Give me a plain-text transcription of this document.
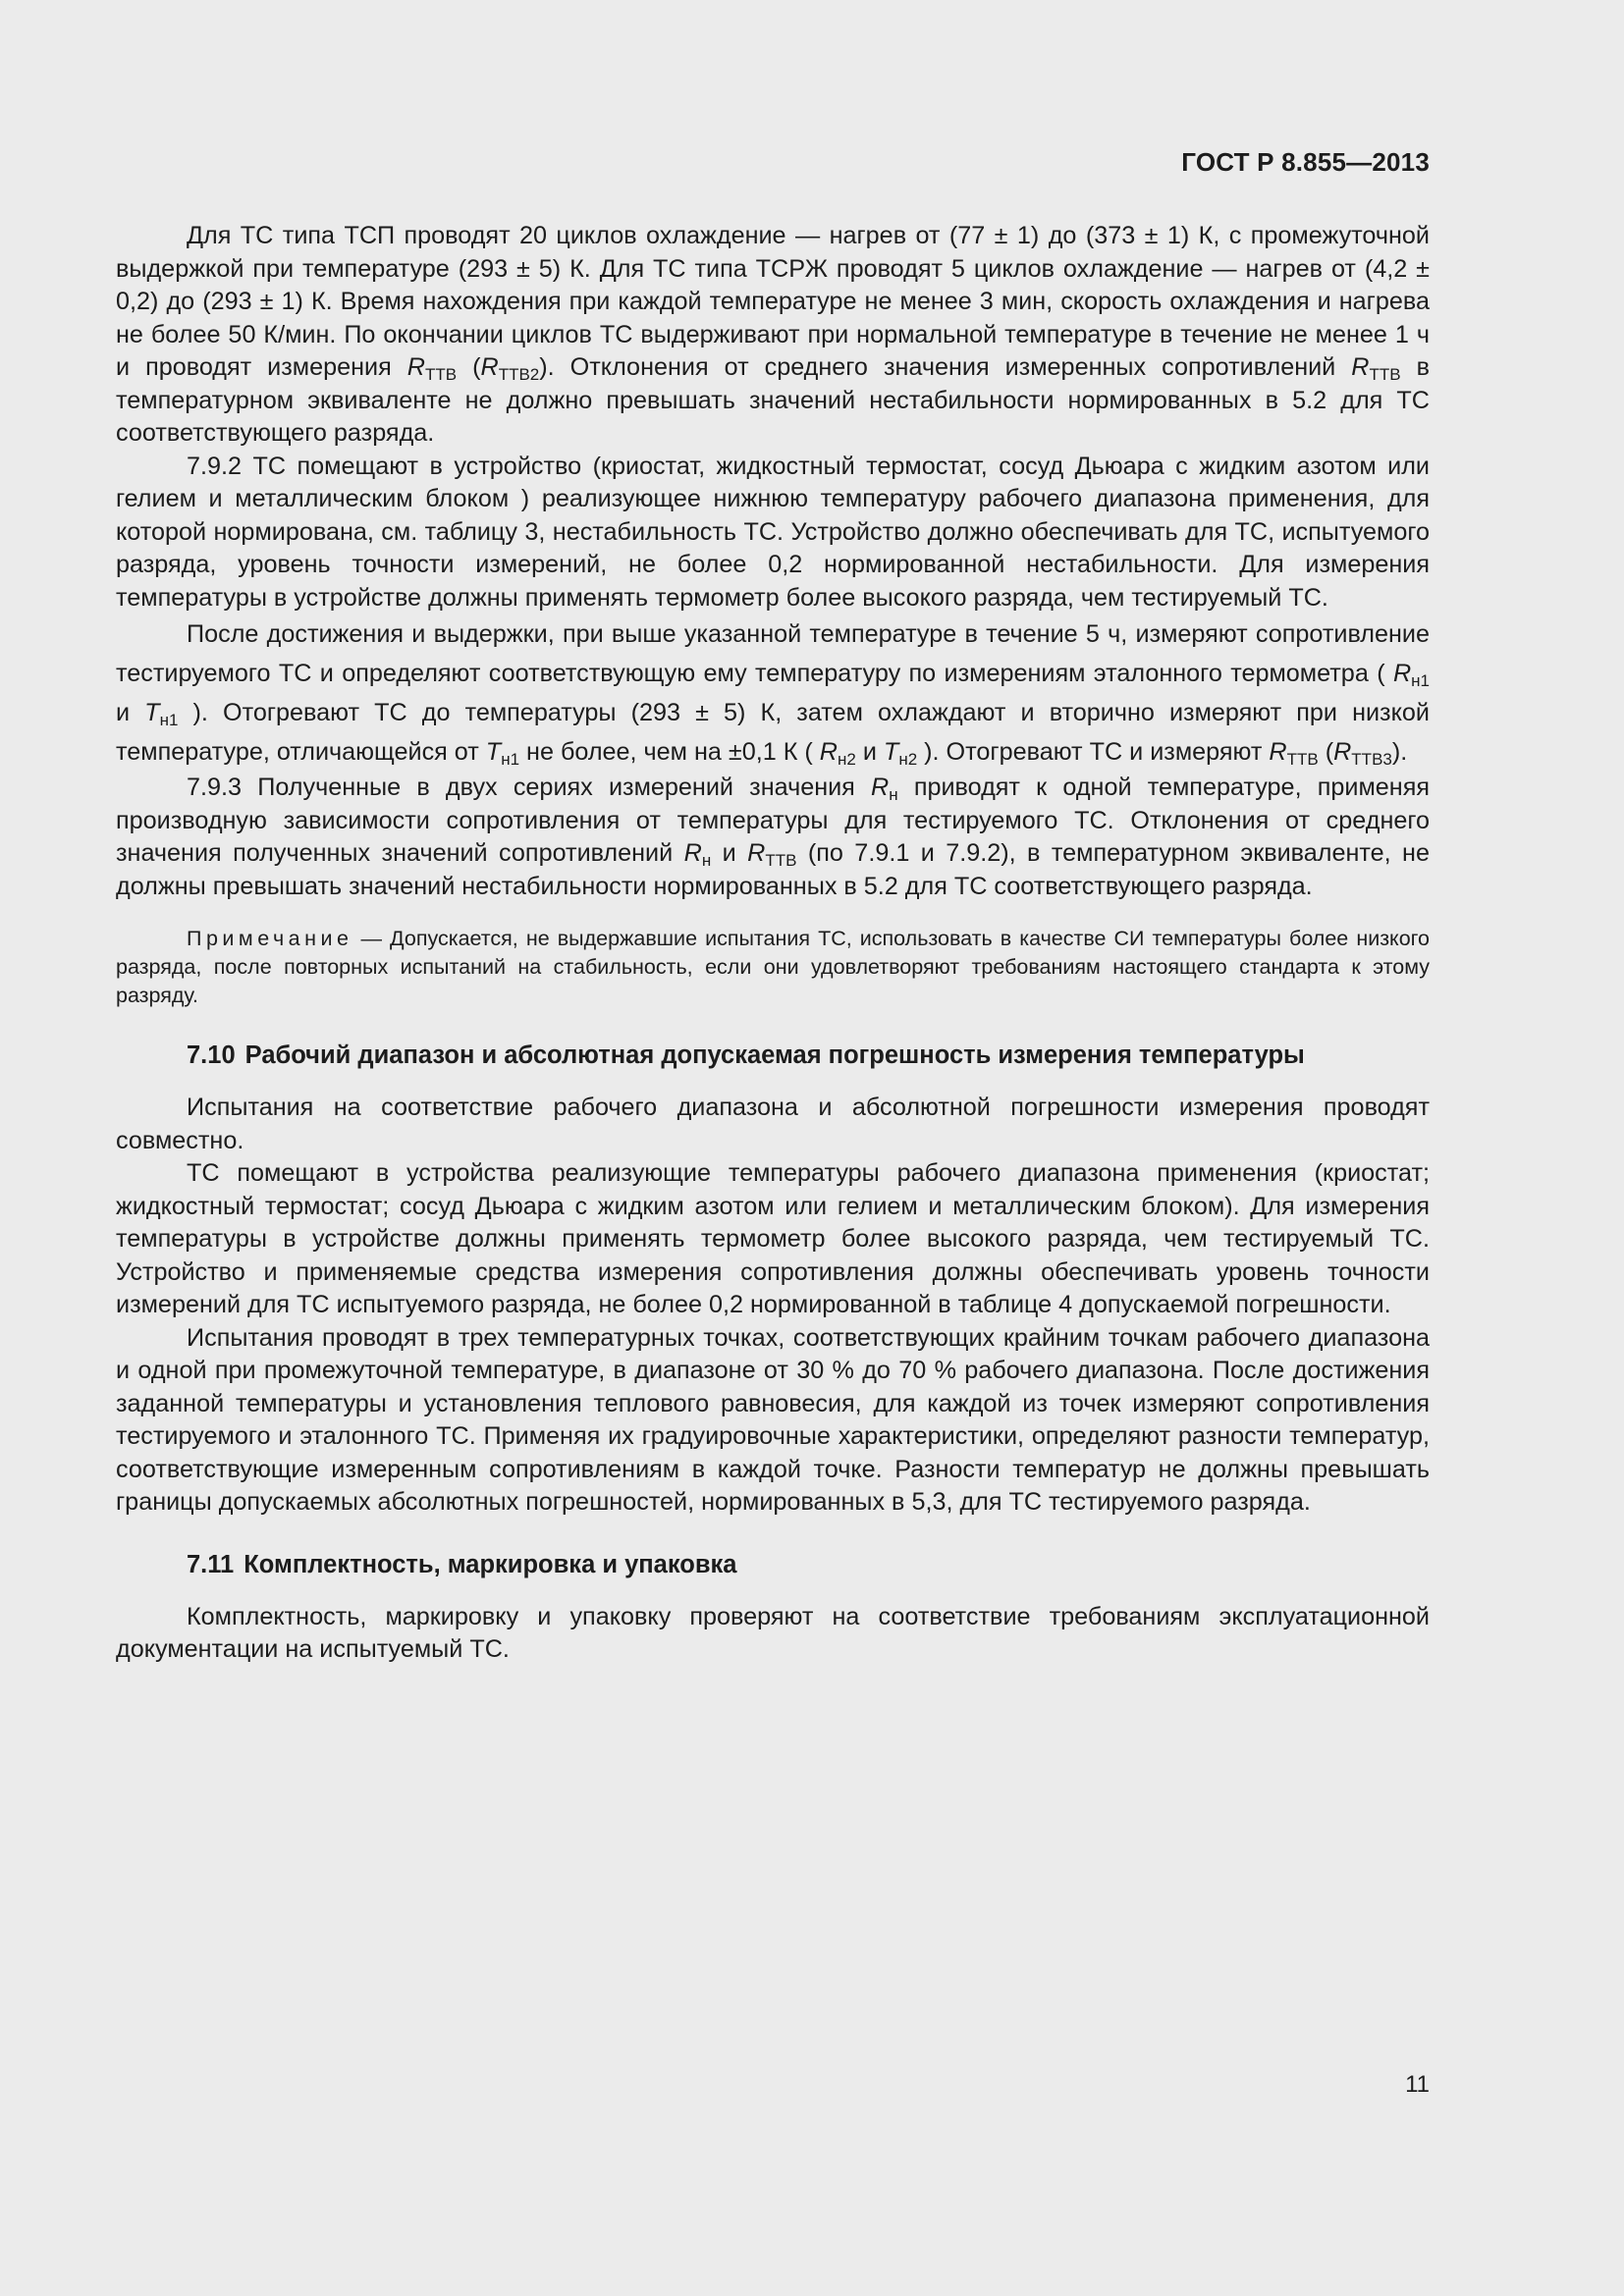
ГОСТ Р 8.855—2013

Для ТС типа ТСП проводят 20 циклов охлаждение — нагрев от (77 ± 1) до (373 ± 1) К, с промежуточной выдержкой при температуре (293 ± 5) К. Для ТС типа ТСРЖ проводят 5 циклов охлаждение — нагрев от (4,2 ± 0,2) до (293 ± 1) К. Время нахождения при каждой температуре не менее 3 мин, скорость охлаждения и нагрева не более 50 К/мин. По окончании циклов ТС выдерживают при нормальной температуре в течение не менее 1 ч и проводят измерения $R_{ТТВ}$ $(R_{ТТВ2})$. Отклонения от среднего значения измеренных сопротивлений $R_{ТТВ}$ в температурном эквиваленте не должно превышать значений нестабильности нормированных в 5.2 для ТС соответствующего разряда.

7.9.2 ТС помещают в устройство (криостат, жидкостный термостат, сосуд Дьюара с жидким азотом или гелием и металлическим блоком ) реализующее нижнюю температуру рабочего диапазона применения, для которой нормирована, см. таблицу 3, нестабильность ТС. Устройство должно обеспечивать для ТС, испытуемого разряда, уровень точности измерений, не более 0,2 нормированной нестабильности. Для измерения температуры в устройстве должны применять термометр более высокого разряда, чем тестируемый ТС.

После достижения и выдержки, при выше указанной температуре в течение 5 ч, измеряют сопротивление тестируемого ТС и определяют соответствующую ему температуру по измерениям эталонного термометра ( $R_{н1}$ и $T_{н1}$ ). Отогревают ТС до температуры (293 ± 5) К, затем охлаждают и вторично измеряют при низкой температуре, отличающейся от $T_{н1}$ не более, чем на ±0,1 К ( $R_{н2}$ и $T_{н2}$ ). Отогревают ТС и измеряют $R_{ТТВ}$ $(R_{ТТВ3})$.

7.9.3 Полученные в двух сериях измерений значения $R_н$ приводят к одной температуре, применяя производную зависимости сопротивления от температуры для тестируемого ТС. Отклонения от среднего значения полученных значений сопротивлений $R_н$ и $R_{ТТВ}$ (по 7.9.1 и 7.9.2), в температурном эквиваленте, не должны превышать значений нестабильности нормированных в 5.2 для ТС соответствующего разряда.

Примечание — Допускается, не выдержавшие испытания ТС, использовать в качестве СИ температуры более низкого разряда, после повторных испытаний на стабильность, если они удовлетворяют требованиям настоящего стандарта к этому разряду.
7.10 Рабочий диапазон и абсолютная допускаемая погрешность измерения температуры

Испытания на соответствие рабочего диапазона и абсолютной погрешности измерения проводят совместно.

ТС помещают в устройства реализующие температуры рабочего диапазона применения (криостат; жидкостный термостат; сосуд Дьюара с жидким азотом или гелием и металлическим блоком). Для измерения температуры в устройстве должны применять термометр более высокого разряда, чем тестируемый ТС. Устройство и применяемые средства измерения сопротивления должны обеспечивать уровень точности измерений для ТС испытуемого разряда, не более 0,2 нормированной в таблице 4 допускаемой погрешности.

Испытания проводят в трех температурных точках, соответствующих крайним точкам рабочего диапазона и одной при промежуточной температуре, в диапазоне от 30 % до 70 % рабочего диапазона. После достижения заданной температуры и установления теплового равновесия, для каждой из точек измеряют сопротивления тестируемого и эталонного ТС. Применяя их градуировочные характеристики, определяют разности температур, соответствующие измеренным сопротивлениям в каждой точке. Разности температур не должны превышать границы допускаемых абсолютных погрешностей, нормированных в 5,3, для ТС тестируемого разряда.

7.11 Комплектность, маркировка и упаковка

Комплектность, маркировку и упаковку проверяют на соответствие требованиям эксплуатационной документации на испытуемый ТС.

11
